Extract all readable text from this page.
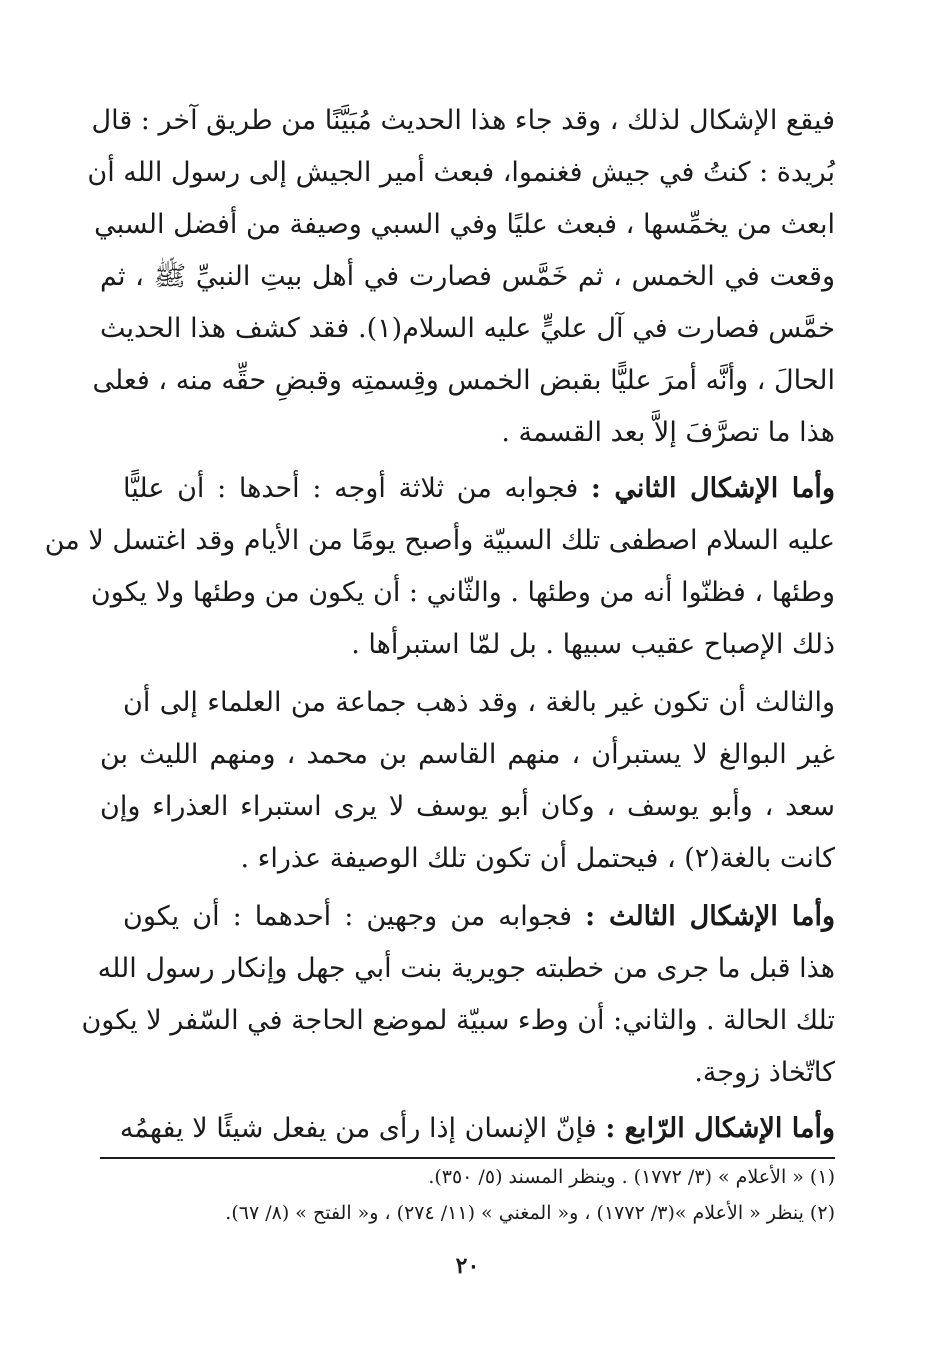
فيقع الإشكال لذلك ، وقد جاء هذا الحديث مُبَيَّنًا من طريق آخر : قال
بُريدة : كنتُ في جيش فغنموا، فبعث أمير الجيش إلى رسول الله أن
ابعث من يخمِّسها ، فبعث عليًا وفي السبي وصيفة من أفضل السبي
وقعت في الخمس ، ثم خَمَّس فصارت في أهل بيتِ النبيِّ ﷺ ، ثم
خمَّس فصارت في آل عليٍّ عليه السلام(١). فقد كشف هذا الحديث
الحالَ ، وأنَّه أمرَ عليًّا بقبض الخمس وقِسمتِه وقبضِ حقِّه منه ، فعلى
هذا ما تصرَّفَ إلاَّ بعد القسمة .
وأما الإشكال الثاني : فجوابه من ثلاثة أوجه : أحدها : أن عليًّا
عليه السلام اصطفى تلك السبيّة وأصبح يومًا من الأيام وقد اغتسل لا من
وطئها ، فظنّوا أنه من وطئها . والثّاني : أن يكون من وطئها ولا يكون
ذلك الإصباح عقيب سبيها . بل لمّا استبرأها .
والثالث أن تكون غير بالغة ، وقد ذهب جماعة من العلماء إلى أن
غير البوالغ لا يستبرأن ، منهم القاسم بن محمد ، ومنهم الليث بن
سعد ، وأبو يوسف ، وكان أبو يوسف لا يرى استبراء العذراء وإن
كانت بالغة(٢) ، فيحتمل أن تكون تلك الوصيفة عذراء .
وأما الإشكال الثالث : فجوابه من وجهين : أحدهما : أن يكون
هذا قبل ما جرى من خطبته جويرية بنت أبي جهل وإنكار رسول الله
تلك الحالة . والثاني: أن وطء سبيّة لموضع الحاجة في السّفر لا يكون
كاتّخاذ زوجة.
وأما الإشكال الرّابع : فإنّ الإنسان إذا رأى من يفعل شيئًا لا يفهمُه
(١) « الأعلام » (٣/ ١٧٧٢) . وينظر المسند (٥/ ٣٥٠).
(٢) ينظر « الأعلام »(٣/ ١٧٧٢) ، و« المغني » (١١/ ٢٧٤) ، و« الفتح » (٨/ ٦٧).
٢٠
